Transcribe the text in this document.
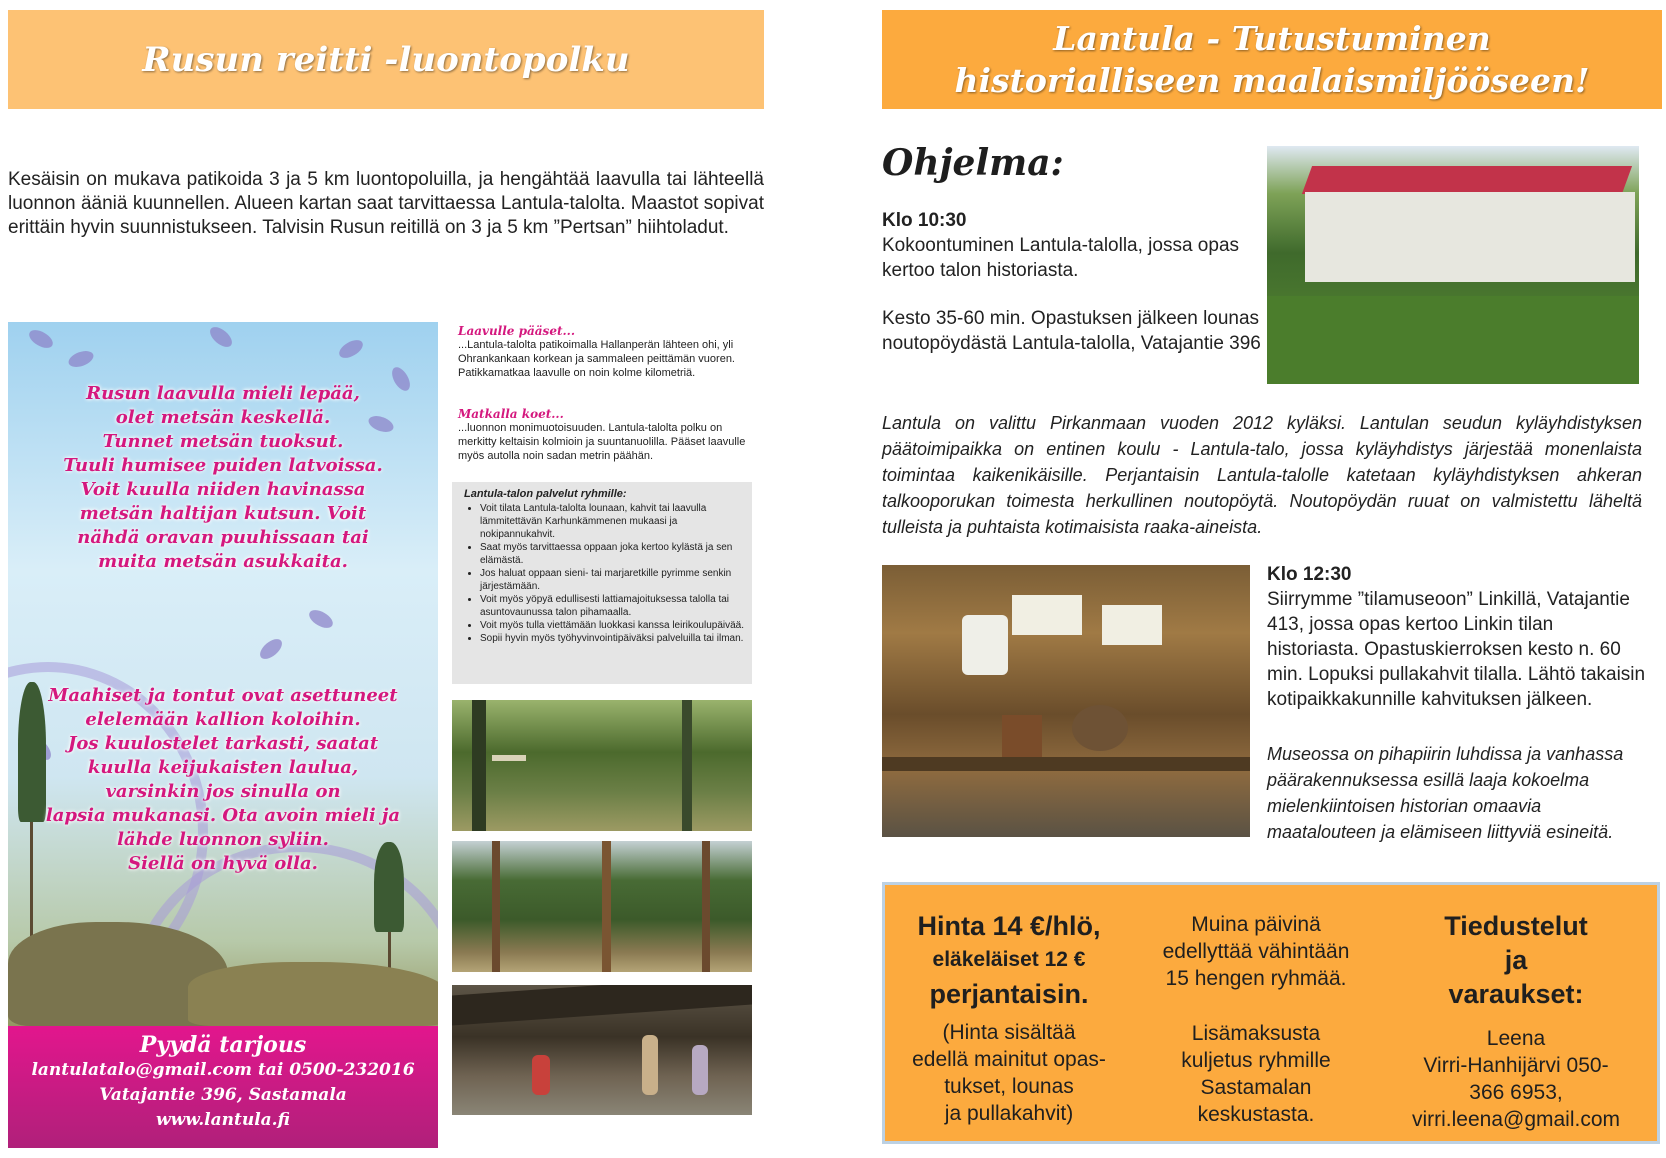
Rusun reitti -luontopolku
Kesäisin on mukava patikoida 3 ja 5 km luontopoluilla, ja hengähtää laavulla tai lähteellä luonnon ääniä kuunnellen. Alueen kartan saat tarvittaessa Lantula-talolta. Maastot sopivat erittäin hyvin suunnistukseen. Talvisin Rusun reitillä on 3 ja 5 km ”Pertsan” hiihtoladut.
Rusun laavulla mieli lepää,
olet metsän keskellä.
Tunnet metsän tuoksut.
Tuuli humisee puiden latvoissa.
Voit kuulla niiden havinassa
metsän haltijan kutsun. Voit
nähdä oravan puuhissaan tai
muita metsän asukkaita.
Maahiset ja tontut ovat asettuneet
elelemään kallion koloihin.
Jos kuulostelet tarkasti, saatat
kuulla keijukaisten laulua,
varsinkin jos sinulla on
lapsia mukanasi. Ota avoin mieli ja
lähde luonnon syliin.
Siellä on hyvä olla.
Pyydä tarjous
lantulatalo@gmail.com tai 0500-232016
Vatajantie 396, Sastamala
www.lantula.fi
Laavulle pääset...
...Lantula-talolta patikoimalla Hallanperän lähteen ohi, yli Ohrankankaan korkean ja sammaleen peittämän vuoren. Patikkamatkaa laavulle on noin kolme kilometriä.
Matkalla koet...
...luonnon monimuotoisuuden. Lantula-talolta polku on merkitty keltaisin kolmioin ja suuntanuolilla. Pääset laavulle myös autolla noin sadan metrin päähän.
Lantula-talon palvelut ryhmille:
• Voit tilata Lantula-talolta lounaan, kahvit tai laavulla lämmitettävän Karhunkämmenen mukaasi ja nokipannukahvit.
• Saat myös tarvittaessa oppaan joka kertoo kylästä ja sen elämästä.
• Jos haluat oppaan sieni- tai marjaretkille pyrimme senkin järjestämään.
• Voit myös yöpyä edullisesti lattiamajoituksessa talolla tai asuntovaunussa talon pihamaalla.
• Voit myös tulla viettämään luokkasi kanssa leirikoulupäivää.
• Sopii hyvin myös työhyvinvointipäiväksi palveluilla tai ilman.
Lantula - Tutustuminen
historialliseen maalaismiljööseen!
Ohjelma:
Klo 10:30
Kokoontuminen Lantula-talolla, jossa opas kertoo talon historiasta.
Kesto 35-60 min. Opastuksen jälkeen lounas noutopöydästä Lantula-talolla, Vatajantie 396
Lantula on valittu Pirkanmaan vuoden 2012 kyläksi. Lantulan seudun kyläyhdistyksen päätoimipaikka on entinen koulu - Lantula-talo, jossa kyläyhdistys järjestää monenlaista toimintaa kaikenikäisille. Perjantaisin Lantula-talolle katetaan kyläyhdistyksen ahkeran talkooporukan toimesta herkullinen noutopöytä. Noutopöydän ruuat on valmistettu läheltä tulleista ja puhtaista kotimaisista raaka-aineista.
Klo 12:30
Siirrymme ”tilamuseoon” Linkillä, Vatajantie 413, jossa opas kertoo Linkin tilan historiasta. Opastuskierroksen kesto n. 60 min. Lopuksi pullakahvit tilalla. Lähtö takaisin kotipaikkakunnille kahvituksen jälkeen.
Museossa on pihapiirin luhdissa ja vanhassa päärakennuksessa esillä laaja kokoelma mielenkiintoisen historian omaavia maatalouteen ja elämiseen liittyviä esineitä.
Hinta 14 €/hlö,
eläkeläiset 12 €
perjantaisin.
(Hinta sisältää
edellä mainitut opas-
tukset, lounas
ja pullakahvit)
Muina päivinä
edellyttää vähintään
15 hengen ryhmää.
Lisämaksusta
kuljetus ryhmille
Sastamalan
keskustasta.
Tiedustelut
ja
varaukset:
Leena
Virri-Hanhijärvi 050-
366 6953,
virri.leena@gmail.com
